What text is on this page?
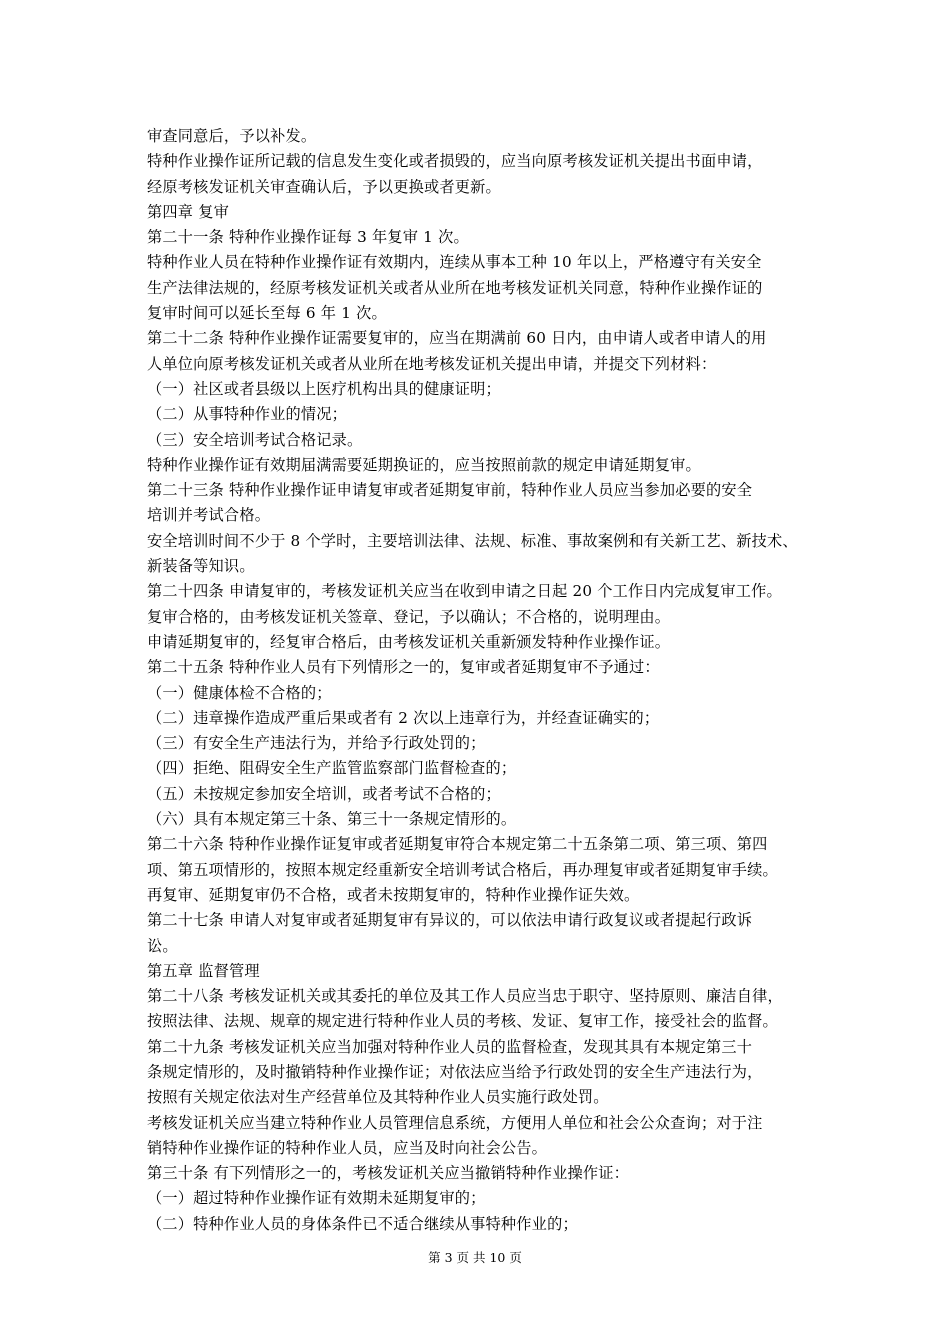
审查同意后，予以补发。

特种作业操作证所记载的信息发生变化或者损毁的，应当向原考核发证机关提出书面申请，

经原考核发证机关审查确认后，予以更换或者更新。

第四章 复审

第二十一条 特种作业操作证每 3 年复审 1 次。

特种作业人员在特种作业操作证有效期内，连续从事本工种 10 年以上，严格遵守有关安全

生产法律法规的，经原考核发证机关或者从业所在地考核发证机关同意，特种作业操作证的

复审时间可以延长至每 6 年 1 次。

第二十二条 特种作业操作证需要复审的，应当在期满前 60 日内，由申请人或者申请人的用

人单位向原考核发证机关或者从业所在地考核发证机关提出申请，并提交下列材料：

（一）社区或者县级以上医疗机构出具的健康证明；

（二）从事特种作业的情况；

（三）安全培训考试合格记录。

特种作业操作证有效期届满需要延期换证的，应当按照前款的规定申请延期复审。

第二十三条 特种作业操作证申请复审或者延期复审前，特种作业人员应当参加必要的安全

培训并考试合格。

安全培训时间不少于 8 个学时，主要培训法律、法规、标准、事故案例和有关新工艺、新技术、

新装备等知识。

第二十四条 申请复审的，考核发证机关应当在收到申请之日起 20 个工作日内完成复审工作。

复审合格的，由考核发证机关签章、登记，予以确认；不合格的，说明理由。

申请延期复审的，经复审合格后，由考核发证机关重新颁发特种作业操作证。

第二十五条 特种作业人员有下列情形之一的，复审或者延期复审不予通过：

（一）健康体检不合格的；

（二）违章操作造成严重后果或者有 2 次以上违章行为，并经查证确实的；

（三）有安全生产违法行为，并给予行政处罚的；

（四）拒绝、阻碍安全生产监管监察部门监督检查的；

（五）未按规定参加安全培训，或者考试不合格的；

（六）具有本规定第三十条、第三十一条规定情形的。

第二十六条 特种作业操作证复审或者延期复审符合本规定第二十五条第二项、第三项、第四

项、第五项情形的，按照本规定经重新安全培训考试合格后，再办理复审或者延期复审手续。

再复审、延期复审仍不合格，或者未按期复审的，特种作业操作证失效。

第二十七条 申请人对复审或者延期复审有异议的，可以依法申请行政复议或者提起行政诉

讼。

第五章 监督管理

第二十八条 考核发证机关或其委托的单位及其工作人员应当忠于职守、坚持原则、廉洁自律，

按照法律、法规、规章的规定进行特种作业人员的考核、发证、复审工作，接受社会的监督。

第二十九条 考核发证机关应当加强对特种作业人员的监督检查，发现其具有本规定第三十

条规定情形的，及时撤销特种作业操作证；对依法应当给予行政处罚的安全生产违法行为，

按照有关规定依法对生产经营单位及其特种作业人员实施行政处罚。

考核发证机关应当建立特种作业人员管理信息系统，方便用人单位和社会公众查询；对于注

销特种作业操作证的特种作业人员，应当及时向社会公告。

第三十条 有下列情形之一的，考核发证机关应当撤销特种作业操作证：

（一）超过特种作业操作证有效期未延期复审的；

（二）特种作业人员的身体条件已不适合继续从事特种作业的；

第 3 页 共 10 页
